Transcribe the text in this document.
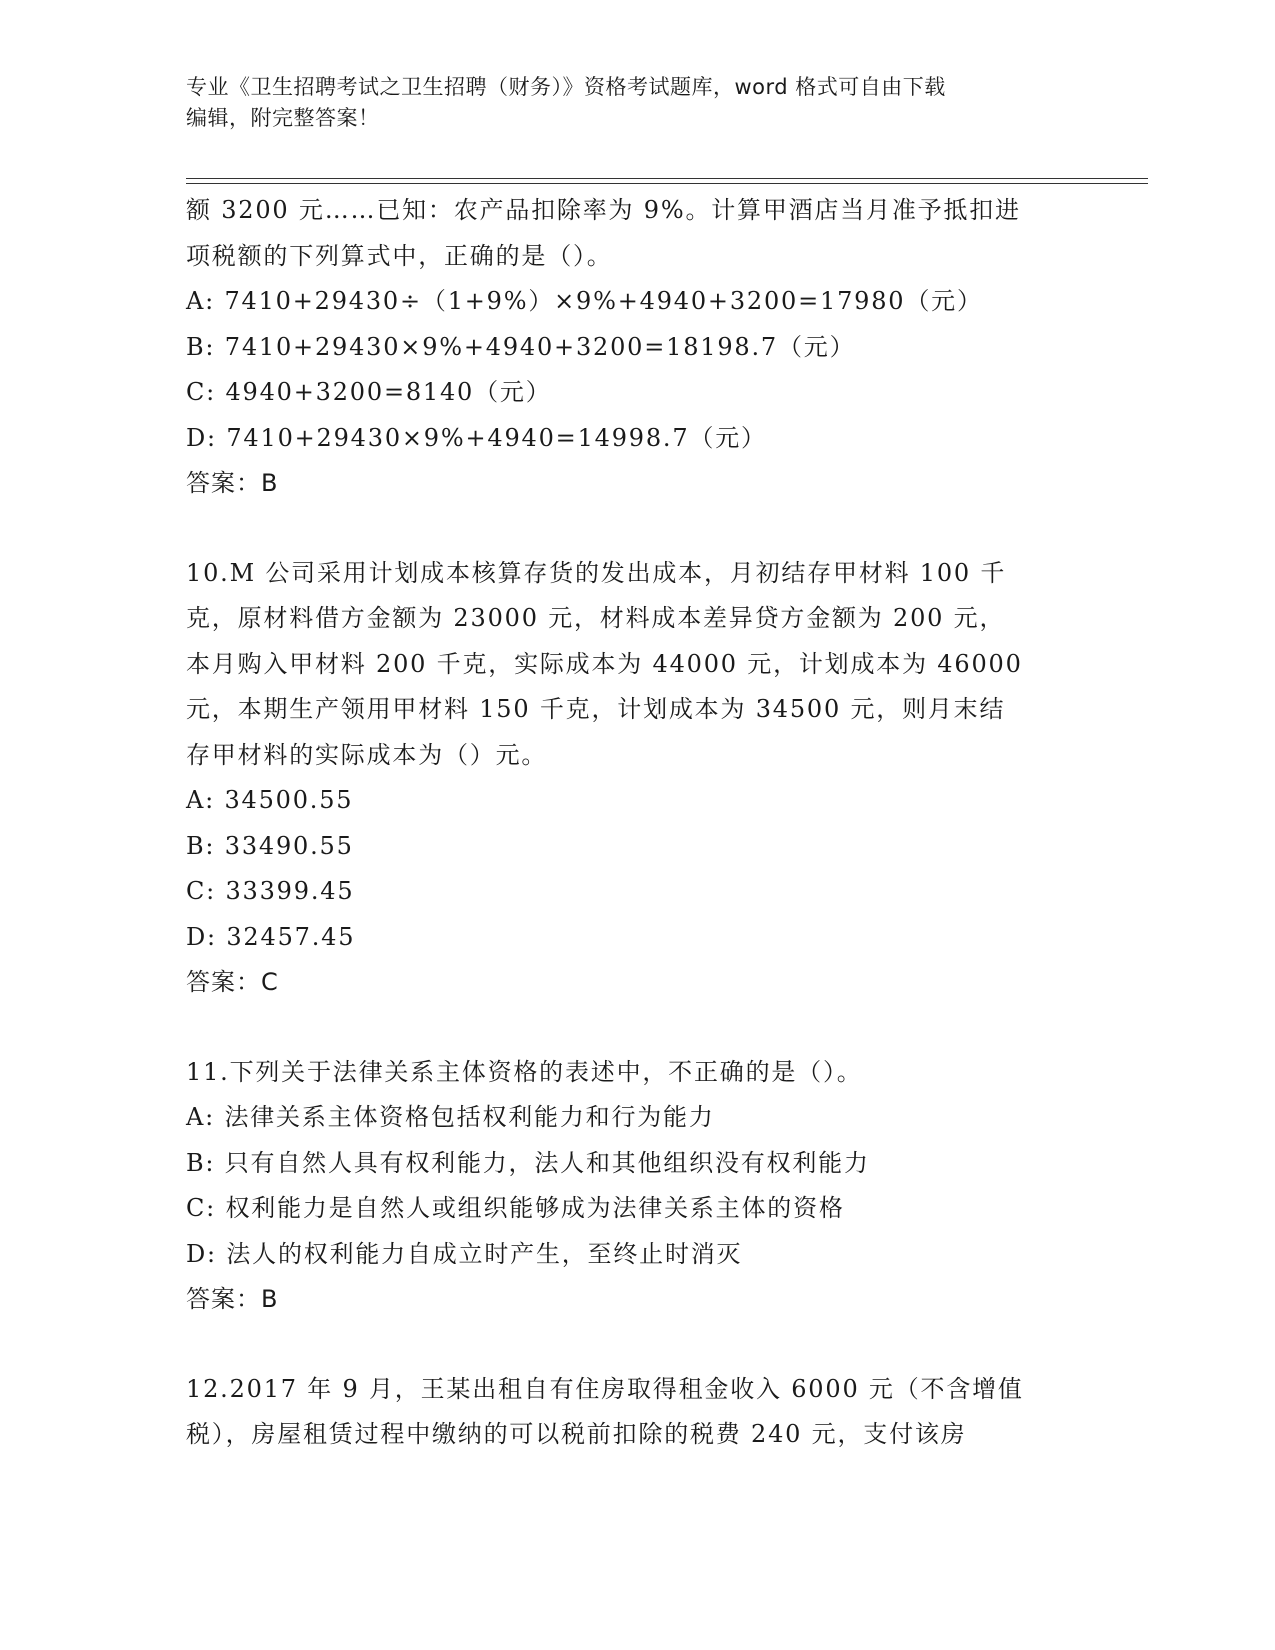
专业《卫生招聘考试之卫生招聘（财务）》资格考试题库，word 格式可自由下载
编辑，附完整答案！
额 3200 元……已知：农产品扣除率为 9%。计算甲酒店当月准予抵扣进
项税额的下列算式中，正确的是（）。
A: 7410+29430÷（1+9%）×9%+4940+3200=17980（元）
B: 7410+29430×9%+4940+3200=18198.7（元）
C: 4940+3200=8140（元）
D: 7410+29430×9%+4940=14998.7（元）
答案：B
10.M 公司采用计划成本核算存货的发出成本，月初结存甲材料 100 千
克，原材料借方金额为 23000 元，材料成本差异贷方金额为 200 元，
本月购入甲材料 200 千克，实际成本为 44000 元，计划成本为 46000
元，本期生产领用甲材料 150 千克，计划成本为 34500 元，则月末结
存甲材料的实际成本为（）元。
A: 34500.55
B: 33490.55
C: 33399.45
D: 32457.45
答案：C
11.下列关于法律关系主体资格的表述中，不正确的是（）。
A: 法律关系主体资格包括权利能力和行为能力
B: 只有自然人具有权利能力，法人和其他组织没有权利能力
C: 权利能力是自然人或组织能够成为法律关系主体的资格
D: 法人的权利能力自成立时产生，至终止时消灭
答案：B
12.2017 年 9 月，王某出租自有住房取得租金收入 6000 元（不含增值
税），房屋租赁过程中缴纳的可以税前扣除的税费 240 元，支付该房
